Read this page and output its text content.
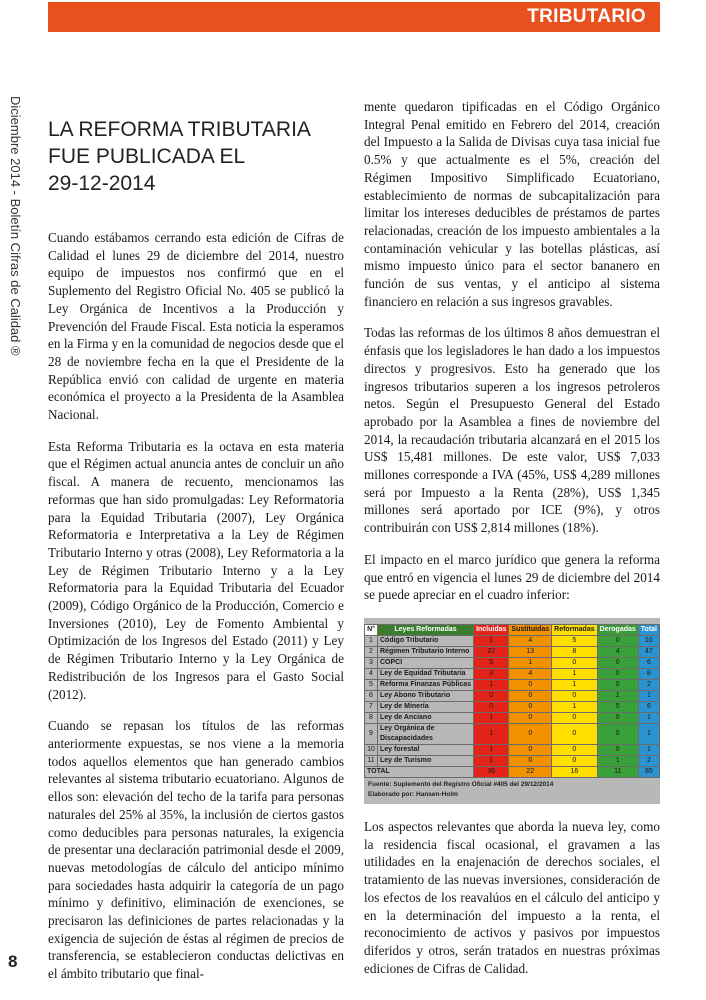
TRIBUTARIO
Diciembre 2014 - Boletín Cifras de Calidad ®
8
LA REFORMA TRIBUTARIA
FUE PUBLICADA EL
29-12-2014

Cuando estábamos cerrando esta edición de Cifras de Calidad el lunes 29 de diciembre del 2014, nuestro equipo de impuestos nos confirmó que en el Suplemento del Registro Oficial No. 405 se publicó la Ley Orgánica de Incentivos a la Producción y Prevención del Fraude Fiscal. Esta noticia la esperamos en la Firma y en la comunidad de negocios desde que el 28 de noviembre fecha en la que el Presidente de la República envió con calidad de urgente en materia económica el proyecto a la Presidenta de la Asamblea Nacional.

Esta Reforma Tributaria es la octava en esta materia que el Régimen actual anuncia antes de concluir un año fiscal. A manera de recuento, mencionamos las reformas que han sido promulgadas: Ley Reformatoria para la Equidad Tributaria (2007), Ley Orgánica Reformatoria e Interpretativa a la Ley de Régimen Tributario Interno y otras (2008), Ley Reformatoria a la Ley de Régimen Tributario Interno y a la Ley Reformatoria para la Equidad Tributaria del Ecuador (2009), Código Orgánico de la Producción, Comercio e Inversiones (2010), Ley de Fomento Ambiental y Optimización de los Ingresos del Estado (2011) y Ley de Régimen Tributario Interno y la Ley Orgánica de Redistribución de los Ingresos para el Gasto Social (2012).

Cuando se repasan los títulos de las reformas anteriormente expuestas, se nos viene a la memoria todos aquellos elementos que han generado cambios relevantes al sistema tributario ecuatoriano. Algunos de ellos son: elevación del techo de la tarifa para personas naturales del 25% al 35%, la inclusión de ciertos gastos como deducibles para personas naturales, la exigencia de presentar una declaración patrimonial desde el 2009, nuevas metodologías de cálculo del anticipo mínimo para sociedades hasta adquirir la categoría de un pago mínimo y definitivo, eliminación de exenciones, se precisaron las definiciones de partes relacionadas y la exigencia de sujeción de éstas al régimen de precios de transferencia, se establecieron conductas delictivas en el ámbito tributario que final-

mente quedaron tipificadas en el Código Orgánico Integral Penal emitido en Febrero del 2014, creación del Impuesto a la Salida de Divisas cuya tasa inicial fue 0.5% y que actualmente es el 5%, creación del Régimen Impositivo Simplificado Ecuatoriano, establecimiento de normas de subcapitalización para limitar los intereses deducibles de préstamos de partes relacionadas, creación de los impuesto ambientales a la contaminación vehicular y las botellas plásticas, así mismo impuesto único para el sector bananero en función de sus ventas, y el anticipo al sistema financiero en relación a sus ingresos gravables.

Todas las reformas de los últimos 8 años demuestran el énfasis que los legisladores le han dado a los impuestos directos y progresivos. Esto ha generado que los ingresos tributarios superen a los ingresos petroleros netos. Según el Presupuesto General del Estado aprobado por la Asamblea a fines de noviembre del 2014, la recaudación tributaria alcanzará en el 2015 los US$ 15,481 millones. De este valor, US$ 7,033 millones corresponde a IVA (45%, US$ 4,289 millones será por Impuesto a la Renta (28%), US$ 1,345 millones será aportado por ICE (9%), y otros contribuirán con US$ 2,814 millones (18%).

El impacto en el marco jurídico que genera la reforma que entró en vigencia el lunes 29 de diciembre del 2014 se puede apreciar en el cuadro inferior:

N°	Leyes Reformadas	Incluidas	Sustituidas	Reformadas	Derogadas	Total
1	Código Tributario	1	4	5	0	10
2	Régimen Tributario Interno	22	13	8	4	47
3	COPCI	5	1	0	0	6
4	Ley de Equidad Tributaria	3	4	1	0	8
5	Reforma Finanzas Públicas	1	0	1	0	2
6	Ley Abono Tributario	0	0	0	1	1
7	Ley de Minería	0	0	1	5	6
8	Ley de Anciano	1	0	0	0	1
9	Ley Orgánica de Discapacidades	1	0	0	0	1
10	Ley forestal	1	0	0	0	1
11	Ley de Turismo	1	0	0	1	2
TOTAL		36	22	16	11	85
Fuente: Suplemento del Registro Oficial #405 del 29/12/2014
Elaborado por: Hansen-Holm

Los aspectos relevantes que aborda la nueva ley, como la residencia fiscal ocasional, el gravamen a las utilidades en la enajenación de derechos sociales, el tratamiento de las nuevas inversiones, consideración de los efectos de los reavalúos en el cálculo del anticipo y en la determinación del impuesto a la renta, el reconocimiento de activos y pasivos por impuestos diferidos y otros, serán tratados en nuestras próximas ediciones de Cifras de Calidad.
